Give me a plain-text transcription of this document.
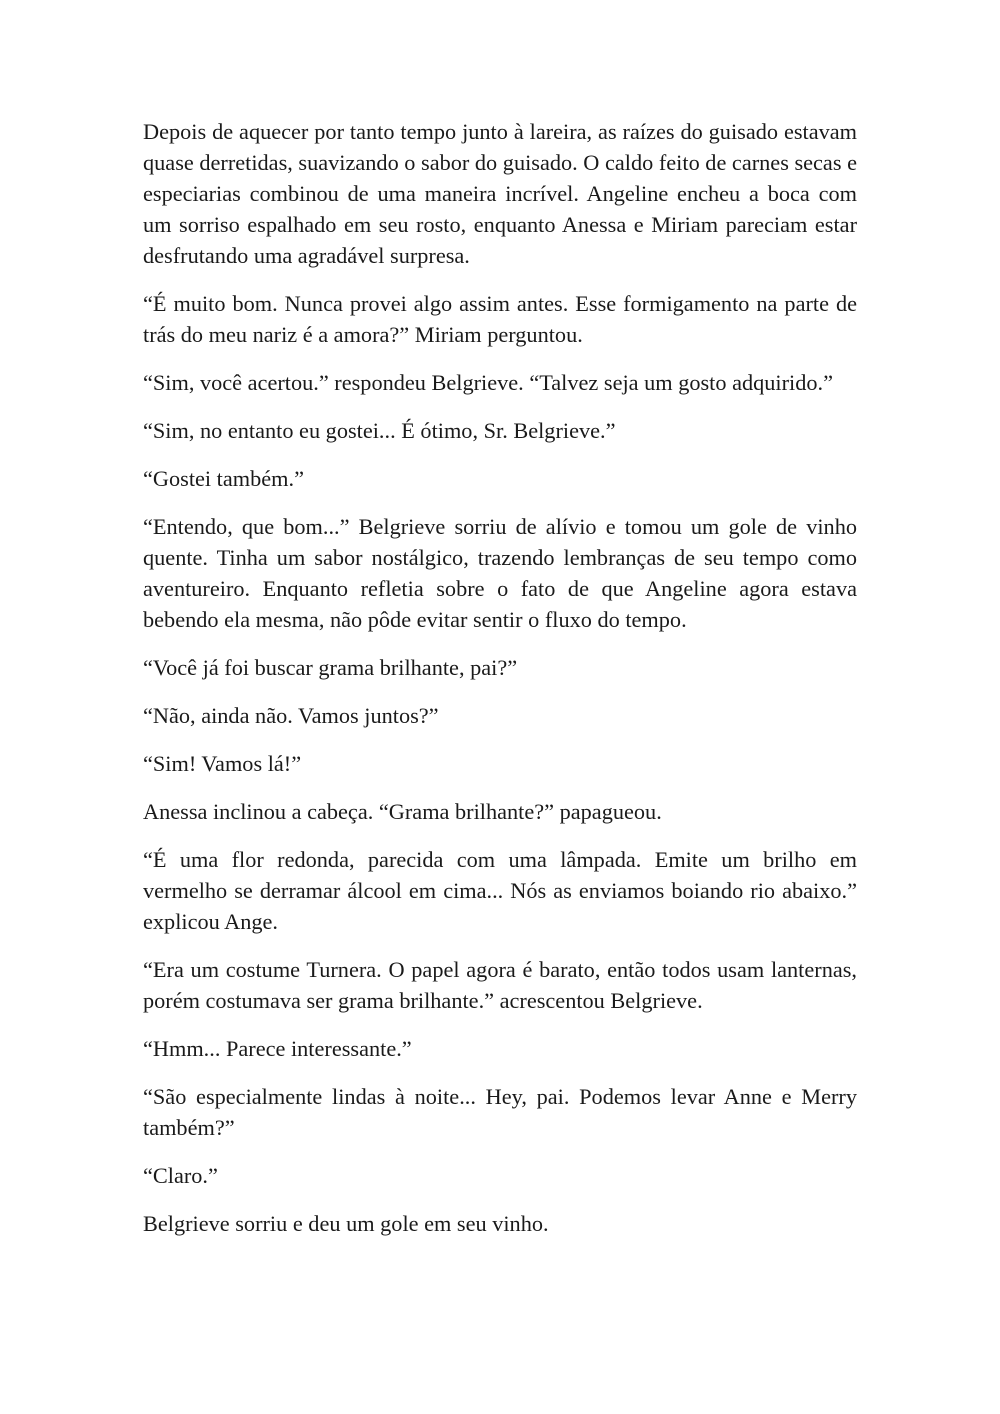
Depois de aquecer por tanto tempo junto à lareira, as raízes do guisado estavam quase derretidas, suavizando o sabor do guisado. O caldo feito de carnes secas e especiarias combinou de uma maneira incrível. Angeline encheu a boca com um sorriso espalhado em seu rosto, enquanto Anessa e Miriam pareciam estar desfrutando uma agradável surpresa.

“É muito bom. Nunca provei algo assim antes. Esse formigamento na parte de trás do meu nariz é a amora?” Miriam perguntou.

“Sim, você acertou.” respondeu Belgrieve. “Talvez seja um gosto adquirido.”

“Sim, no entanto eu gostei... É ótimo, Sr. Belgrieve.”

“Gostei também.”

“Entendo, que bom...” Belgrieve sorriu de alívio e tomou um gole de vinho quente. Tinha um sabor nostálgico, trazendo lembranças de seu tempo como aventureiro. Enquanto refletia sobre o fato de que Angeline agora estava bebendo ela mesma, não pôde evitar sentir o fluxo do tempo.

“Você já foi buscar grama brilhante, pai?”

“Não, ainda não. Vamos juntos?”

“Sim! Vamos lá!”

Anessa inclinou a cabeça. “Grama brilhante?” papagueou.

“É uma flor redonda, parecida com uma lâmpada. Emite um brilho em vermelho se derramar álcool em cima... Nós as enviamos boiando rio abaixo.” explicou Ange.

“Era um costume Turnera. O papel agora é barato, então todos usam lanternas, porém costumava ser grama brilhante.” acrescentou Belgrieve.

“Hmm... Parece interessante.”

“São especialmente lindas à noite... Hey, pai. Podemos levar Anne e Merry também?”

“Claro.”

Belgrieve sorriu e deu um gole em seu vinho.
